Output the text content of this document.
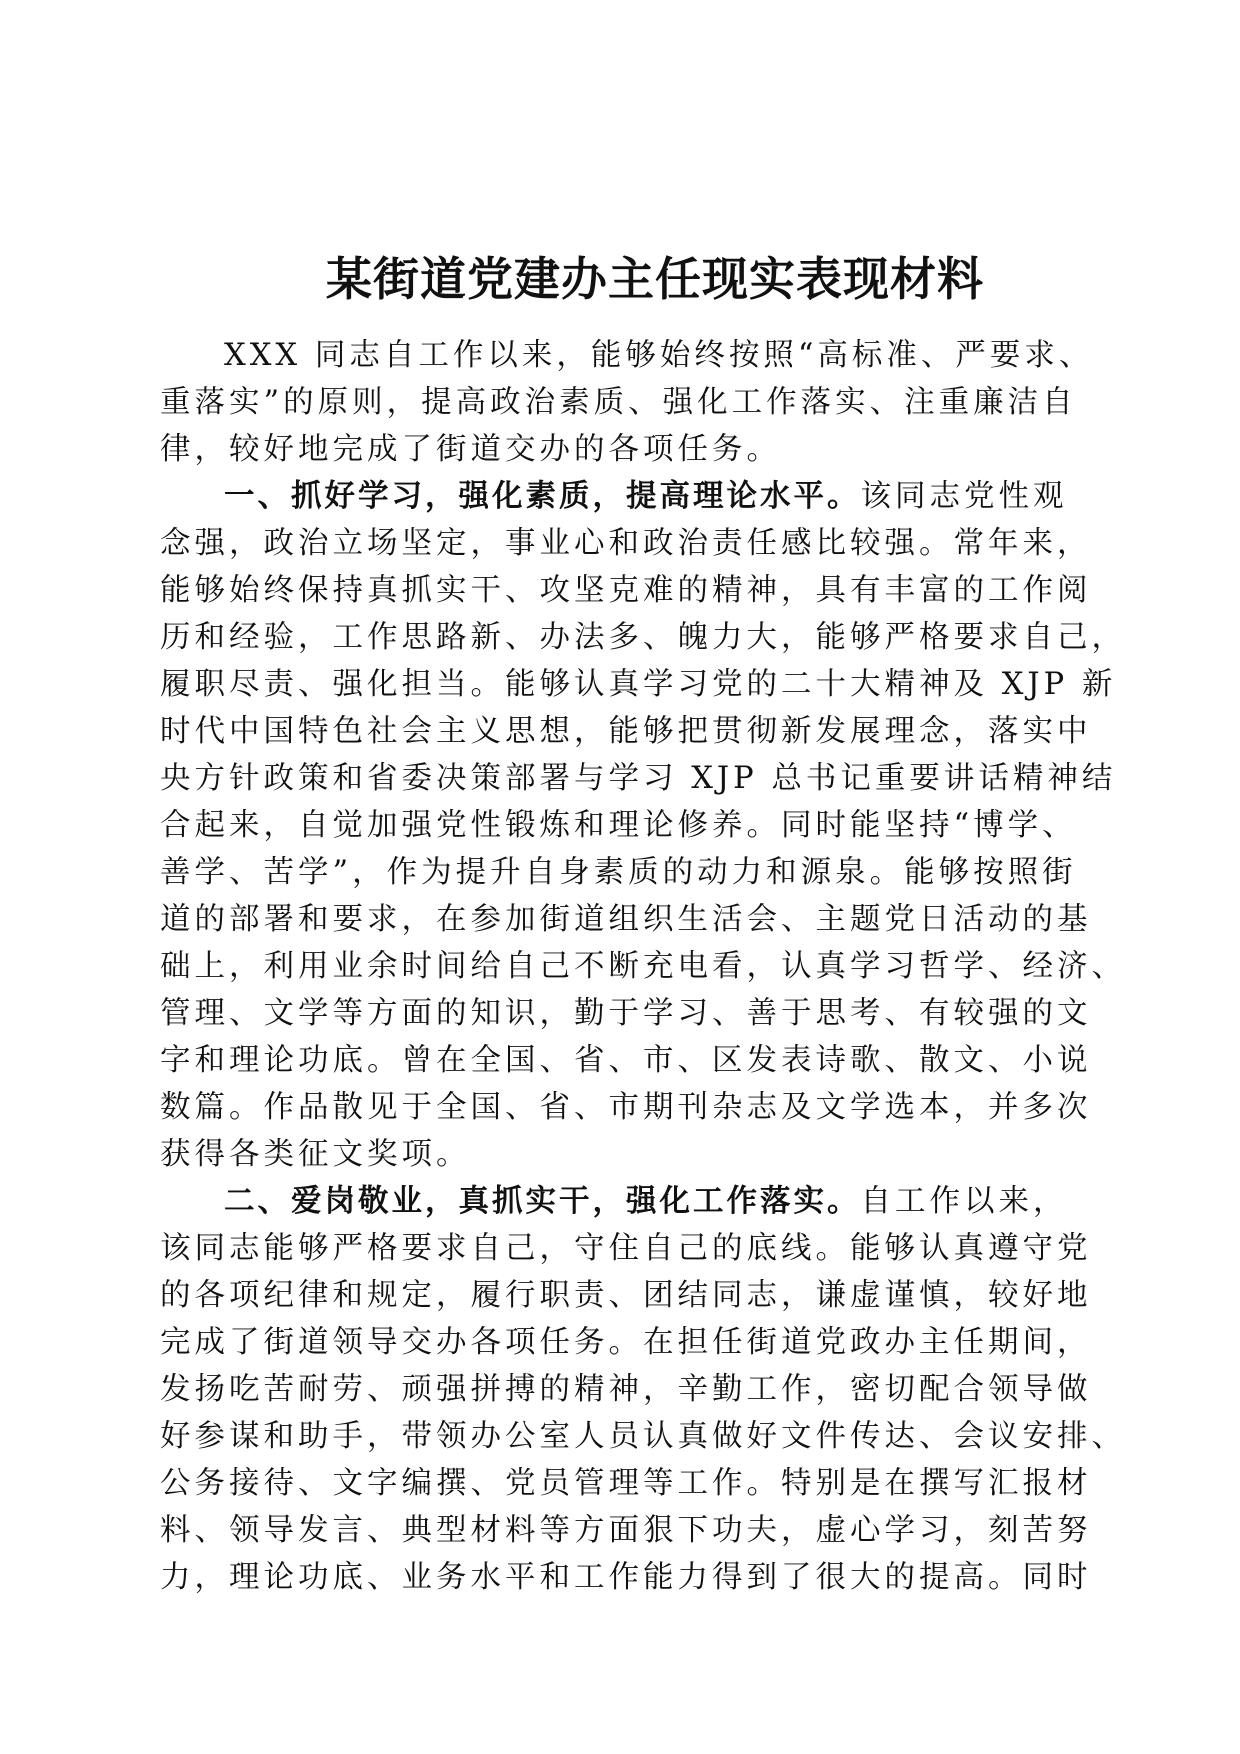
某街道党建办主任现实表现材料
XXX 同志自工作以来，能够始终按照“高标准、严要求、
重落实”的原则，提高政治素质、强化工作落实、注重廉洁自
律，较好地完成了街道交办的各项任务。
一、抓好学习，强化素质，提高理论水平。该同志党性观
念强，政治立场坚定，事业心和政治责任感比较强。常年来，
能够始终保持真抓实干、攻坚克难的精神，具有丰富的工作阅
历和经验，工作思路新、办法多、魄力大，能够严格要求自己，
履职尽责、强化担当。能够认真学习党的二十大精神及 XJP 新
时代中国特色社会主义思想，能够把贯彻新发展理念，落实中
央方针政策和省委决策部署与学习 XJP 总书记重要讲话精神结
合起来，自觉加强党性锻炼和理论修养。同时能坚持“博学、
善学、苦学”，作为提升自身素质的动力和源泉。能够按照街
道的部署和要求，在参加街道组织生活会、主题党日活动的基
础上，利用业余时间给自己不断充电看，认真学习哲学、经济、
管理、文学等方面的知识，勤于学习、善于思考、有较强的文
字和理论功底。曾在全国、省、市、区发表诗歌、散文、小说
数篇。作品散见于全国、省、市期刊杂志及文学选本，并多次
获得各类征文奖项。
二、爱岗敬业，真抓实干，强化工作落实。自工作以来，
该同志能够严格要求自己，守住自己的底线。能够认真遵守党
的各项纪律和规定，履行职责、团结同志，谦虚谨慎，较好地
完成了街道领导交办各项任务。在担任街道党政办主任期间，
发扬吃苦耐劳、顽强拼搏的精神，辛勤工作，密切配合领导做
好参谋和助手，带领办公室人员认真做好文件传达、会议安排、
公务接待、文字编撰、党员管理等工作。特别是在撰写汇报材
料、领导发言、典型材料等方面狠下功夫，虚心学习，刻苦努
力，理论功底、业务水平和工作能力得到了很大的提高。同时
